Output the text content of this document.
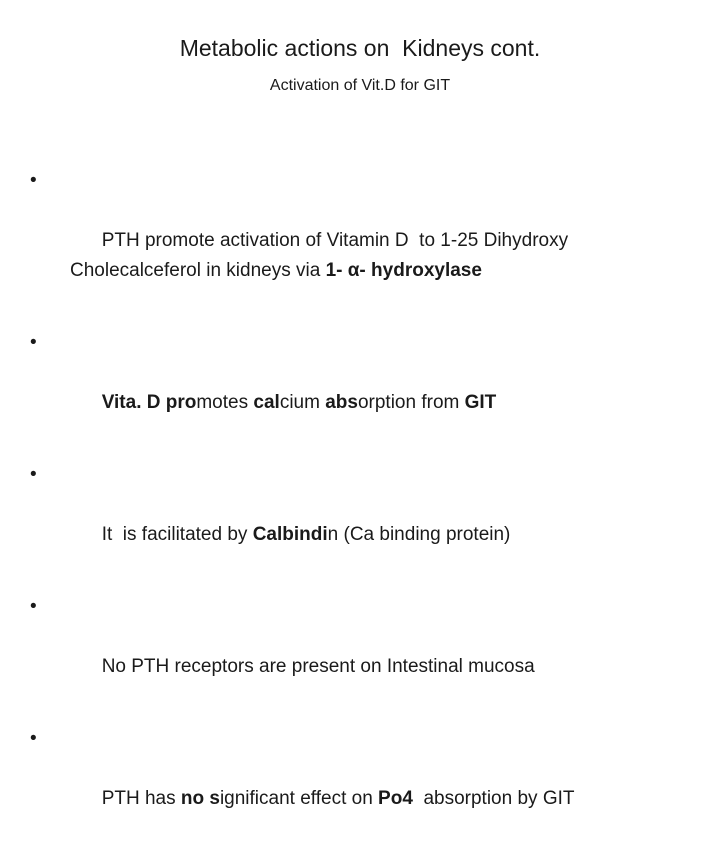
Metabolic actions on  Kidneys cont.
Activation of Vit.D for GIT

•

PTH promote activation of Vitamin D  to 1-25 Dihydroxy Cholecalceferol in kidneys via 1- α- hydroxylase

•

Vita. D promotes calcium absorption from GIT

•

It  is facilitated by Calbindin (Ca binding protein)

•

No PTH receptors are present on Intestinal mucosa

•

PTH has no significant effect on Po4  absorption by GIT
